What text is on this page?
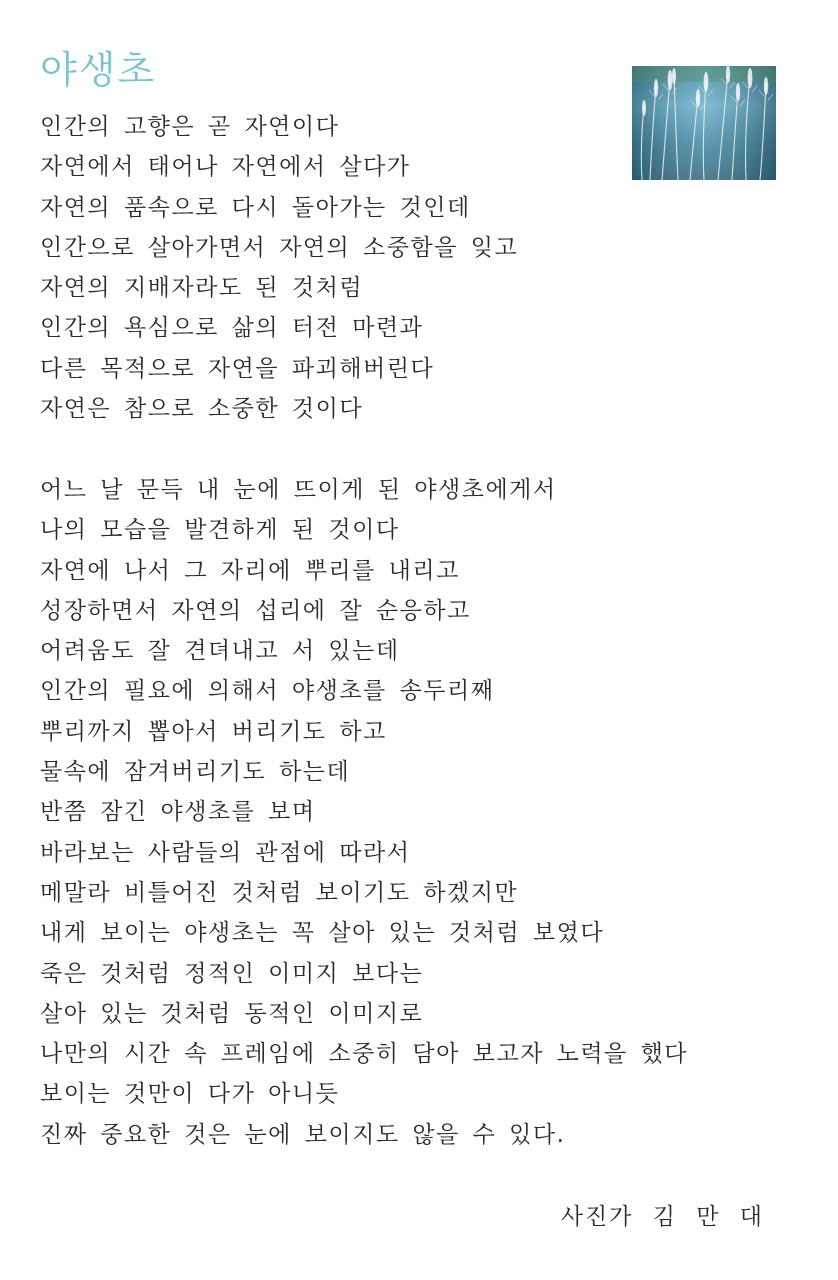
야생초
인간의 고향은 곧 자연이다
자연에서 태어나 자연에서 살다가
자연의 품속으로 다시 돌아가는 것인데
인간으로 살아가면서 자연의 소중함을 잊고
자연의 지배자라도 된 것처럼
인간의 욕심으로 삶의 터전 마련과
다른 목적으로 자연을 파괴해버린다
자연은 참으로 소중한 것이다
어느 날 문득 내 눈에 뜨이게 된 야생초에게서
나의 모습을 발견하게 된 것이다
자연에 나서 그 자리에 뿌리를 내리고
성장하면서 자연의 섭리에 잘 순응하고
어려움도 잘 견뎌내고 서 있는데
인간의 필요에 의해서 야생초를 송두리째
뿌리까지 뽑아서 버리기도 하고
물속에 잠겨버리기도 하는데
반쯤 잠긴 야생초를 보며
바라보는 사람들의 관점에 따라서
메말라 비틀어진 것처럼 보이기도 하겠지만
내게 보이는 야생초는 꼭 살아 있는 것처럼 보였다
죽은 것처럼 정적인 이미지 보다는
살아 있는 것처럼 동적인 이미지로
나만의 시간 속 프레임에 소중히 담아 보고자 노력을 했다
보이는 것만이 다가 아니듯
진짜 중요한 것은 눈에 보이지도 않을 수 있다.
사진가 김 만 대
